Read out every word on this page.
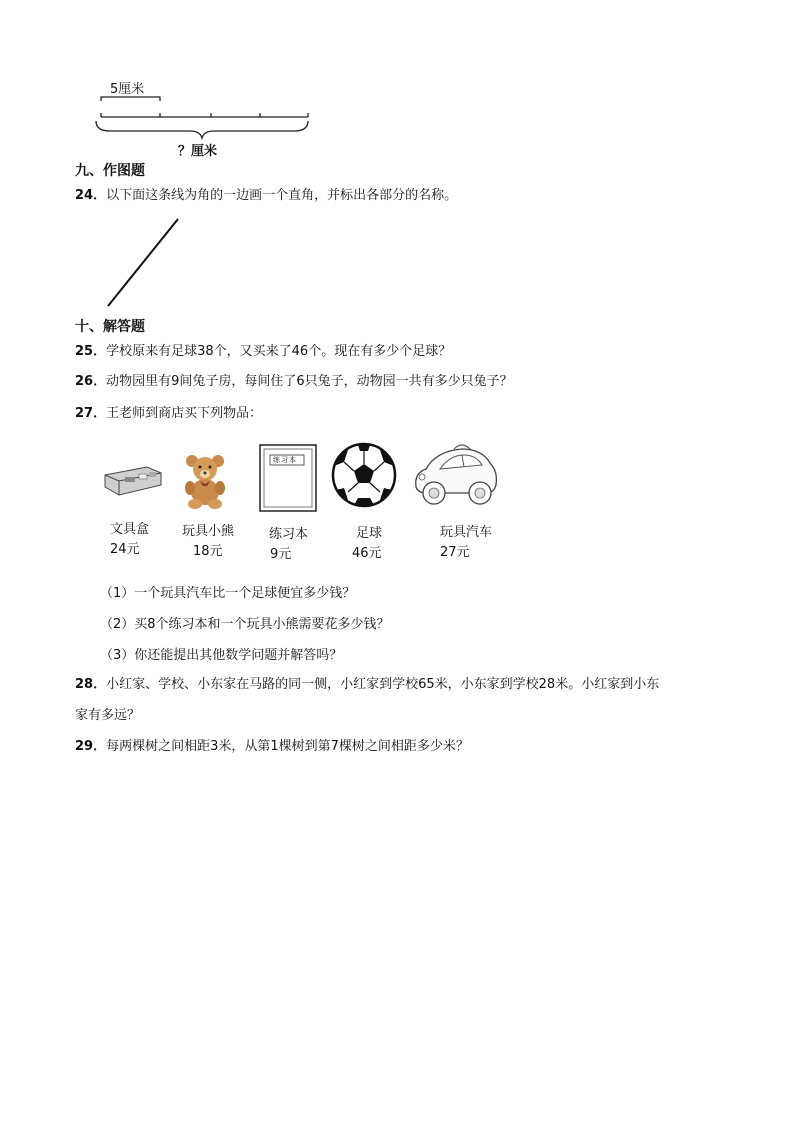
5厘米
？厘米
九、作图题
24．以下面这条线为角的一边画一个直角，并标出各部分的名称。
十、解答题
25．学校原来有足球38个，又买来了46个。现在有多少个足球？
26．动物园里有9间兔子房，每间住了6只兔子，动物园一共有多少只兔子？
27．王老师到商店买下列物品：
练习本
文具盒
24元
玩具小熊
18元
练习本
9元
足球
46元
玩具汽车
27元
（1）一个玩具汽车比一个足球便宜多少钱？
（2）买8个练习本和一个玩具小熊需要花多少钱？
（3）你还能提出其他数学问题并解答吗？
28．小红家、学校、小东家在马路的同一侧，小红家到学校65米，小东家到学校28米。小红家到小东
家有多远？
29．每两棵树之间相距3米，从第1棵树到第7棵树之间相距多少米？
